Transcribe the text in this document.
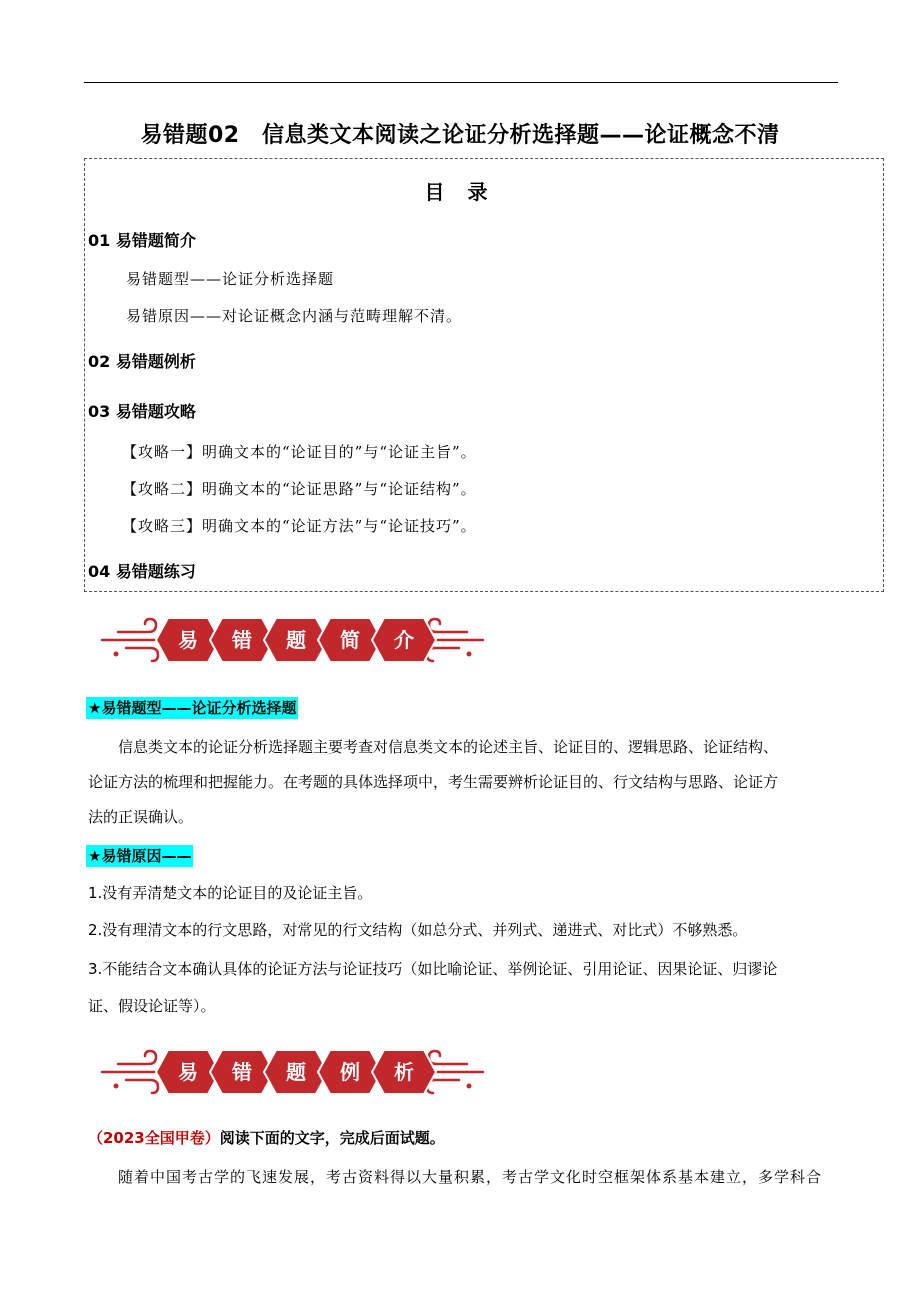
易错题02　信息类文本阅读之论证分析选择题——论证概念不清
目 录
01 易错题简介
易错题型——论证分析选择题
易错原因——对论证概念内涵与范畴理解不清。
02 易错题例析
03 易错题攻略
【攻略一】明确文本的“论证目的”与“论证主旨”。
【攻略二】明确文本的“论证思路”与“论证结构”。
【攻略三】明确文本的“论证方法”与“论证技巧”。
04 易错题练习
易 错 题 简 介
★易错题型——论证分析选择题
信息类文本的论证分析选择题主要考查对信息类文本的论述主旨、论证目的、逻辑思路、论证结构、
论证方法的梳理和把握能力。在考题的具体选择项中，考生需要辨析论证目的、行文结构与思路、论证方
法的正误确认。
★易错原因——
1.没有弄清楚文本的论证目的及论证主旨。
2.没有理清文本的行文思路，对常见的行文结构（如总分式、并列式、递进式、对比式）不够熟悉。
3.不能结合文本确认具体的论证方法与论证技巧（如比喻论证、举例论证、引用论证、因果论证、归谬论
证、假设论证等）。
易 错 题 例 析
（2023全国甲卷）阅读下面的文字，完成后面试题。
随着中国考古学的飞速发展，考古资料得以大量积累，考古学文化时空框架体系基本建立，多学科合
